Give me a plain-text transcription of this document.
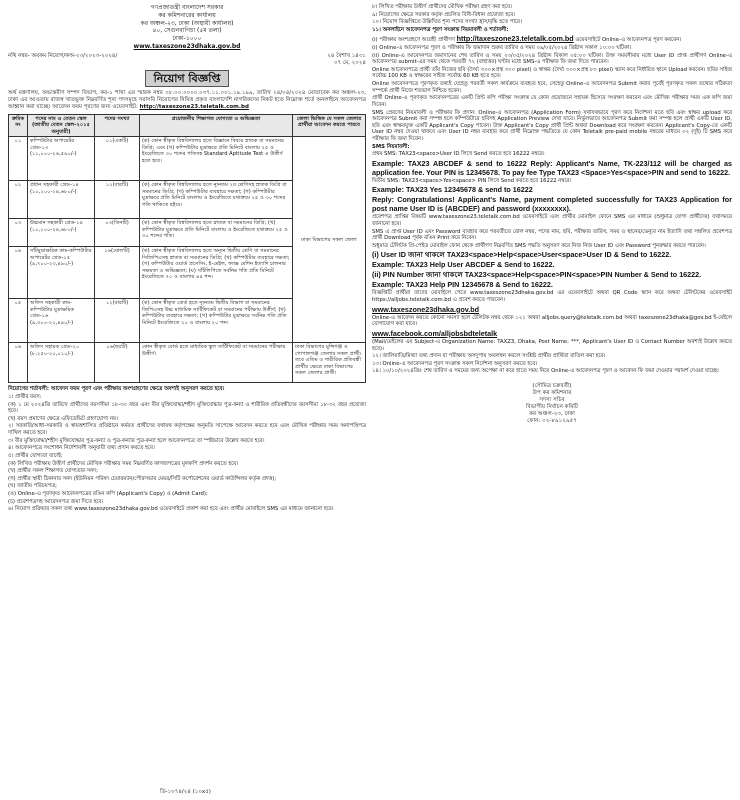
গণপ্রজাতন্ত্রী বাংলাদেশ সরকার
কর কমিশনারের কার্যালয়
কর অঞ্চল-২৩, ঢাকা (অস্থায়ী কার্যালয়)
৪০, সেগুনবাগিচা (৫ম তলা)
ঢাকা-১০০০
www.taxeszone23dhaka.gov.bd
নথি নম্বর- অবকম নিয়োগ/কঅ-২৩/২০২৩-২০২৪/	২৪ বৈশাখ ১৪৩১
০৭ মে, ২০২৪
নিয়োগ বিজ্ঞপ্তি
অর্থ মন্ত্রণালয়, অভ্যন্তরীণ সম্পদ বিভাগ, কর-১ শাখা এর স্মারক নম্বর ০৮.০০.০০০০.০৩৭.১১.০০১.১৯.১৯৯, তারিখ ২৪/০৪/২০২৪ মোতাবেক কর অঞ্চল-২৩, ঢাকা এর আওতায় রাজস্ব খাতভুক্ত নিম্নবর্ণিত শূন্য পদসমূহে সরাসরি নিয়োগের নিমিত্ত প্রকৃত বাংলাদেশি নাগরিকদের নিকট হতে নিম্নোক্ত শর্তে অনলাইনে আবেদনপত্র আহ্বান করা যাচ্ছে। আবেদন ফরম পূরণের জন্য ওয়েবসাইট: http://taxeszone23.teletalk.com.bd
ক্রমিক নং	পদের নাম ও বেতন স্কেল (জাতীয় বেতন স্কেল-২০১৫ অনুযায়ী)	পদের সংখ্যা	প্রয়োজনীয় শিক্ষাগত যোগ্যতা ও অভিজ্ঞতা	জেলা ভিত্তিক যে সকল জেলার প্রার্থীরা আবেদন করতে পারবে
০১	কম্পিউটার অপারেটর গ্রেড-১৩ (১১,০০০-২৬,৫৯০/-)	০১(একটি)	(ক) কোন স্বীকৃত বিশ্ববিদ্যালয় হতে বিজ্ঞানে বিষয়ে স্নাতক বা সমমানের ডিগ্রি; এবং (খ) কম্পিউটার মুদ্রাক্ষরে প্রতি মিনিটে বাংলায় ২৫ ও ইংরেজিতে ৩০ শব্দের গতিসহ Standard Aptitude Test এ উত্তীর্ণ হতে হবে।	ঢাকা বিভাগের সকল জেলা
০২	প্রধান সহকারী গ্রেড-১৪ (১০,২০০-২৪,৬৮০/-)	১২(বারটি)	(ক) কোন স্বীকৃত বিশ্ববিদ্যালয় হতে ন্যূনতম ২য় শ্রেণিসহ স্নাতক ডিগ্রি বা সমমানের ডিগ্রি; (খ) কম্পিউটার ব্যবহারে দক্ষতা; (গ) কম্পিউটার মুদ্রাক্ষরে প্রতি মিনিটে বাংলায় ও ইংরেজিতে যথাক্রমে ২৫ ও ৩০ শব্দের গতি থাকিতে হইবে।	
০৩	উচ্চমান সহকারী গ্রেড-১৪ (১০,২০০-২৪,৬৮০/-)	০৩(তিনটি)	(ক) কোন স্বীকৃত বিশ্ববিদ্যালয় হতে স্নাতক বা সমমানের ডিগ্রি; (খ) কম্পিউটার মুদ্রাক্ষরে প্রতি মিনিটে বাংলায় ও ইংরেজিতে যথাক্রমে ২৫ ও ৩০ শব্দের গতি।	
০৪	সাঁটমুদ্রাক্ষরিক কাম-কম্পিউটার অপারেটর গ্রেড-১৫ (৯,৭০০-২৩,৪৯০/-)	১৬(ষোলটি)	(ক) কোন স্বীকৃত বিশ্ববিদ্যালয় হতে অন্যূন দ্বিতীয় শ্রেণি বা সমমানের সিজিপিএসহ স্নাতক বা সমমানের ডিগ্রি; (খ) কম্পিউটার ব্যবহারে দক্ষতা; (গ) কম্পিউটার ওয়ার্ড প্রসেসিং, ই-মেইল, ফ্যাক্স মেশিন ইত্যাদি চালনার সক্ষমতা ও অভিজ্ঞতা; (ঘ) সাঁটলিপিতে সর্বনিম্ন গতি প্রতি মিনিটে ইংরেজিতে ৭০ ও বাংলায় ৪৫ শব্দ।	
০৫	অফিস সহকারী কাম-কম্পিউটার মুদ্রাক্ষরিক গ্রেড-১৬ (৯,৩০০-২২,৪৯০/-)	১২(বারটি)	(ক) কোন স্বীকৃত বোর্ড হতে ন্যূনতম দ্বিতীয় বিভাগ বা সমমানের জিপিএসহ উচ্চ মাধ্যমিক সার্টিফিকেট বা সমমানের পরীক্ষায় উত্তীর্ণ; (খ) কম্পিউটার ব্যবহারে দক্ষতা; (গ) কম্পিউটার মুদ্রাক্ষরে সর্বনিম্ন গতি প্রতি মিনিটে ইংরেজিতে ২০ ও বাংলায় ২০ শব্দ।	
০৬	অফিস সহায়ক গ্রেড-২০ (৮,২৫০-২০,০১০/-)	০৬(ছয়টি)	কোন স্বীকৃত বোর্ড হতে মাধ্যমিক স্কুল সার্টিফিকেট বা সমমানের পরীক্ষায় উত্তীর্ণ।	ঢাকা বিভাগের মুন্সিগঞ্জ ও গোপালগঞ্জ জেলার সকল প্রার্থী। তবে এতিম ও শারীরিক প্রতিবন্ধী প্রার্থীর ক্ষেত্রে ঢাকা বিভাগের সকল জেলার প্রার্থী।

নিয়োগের শর্তাবলী: আবেদন ফরম পূরণ এবং পরীক্ষায় অংশগ্রহণের ক্ষেত্রে অবশ্যই অনুসরণ করতে হবে।

১। প্রার্থীর বয়স:

(ক) ১ মে ২০২৪খ্রি তারিখে প্রার্থীদের বয়সসীমা ১৮-৩০ বছর এবং বীর মুক্তিযোদ্ধা/শহীদ মুক্তিযোদ্ধার পুত্র-কন্যা ও শারীরিক প্রতিবন্ধীদের বয়সসীমা ১৮-৩২ বছর প্রযোজ্য হবে।

(খ) বয়স প্রমাণের ক্ষেত্রে এফিডেভিট গ্রহণযোগ্য নয়।

২। সরকারি/আধা-সরকারি ও স্বায়ত্তশাসিত প্রতিষ্ঠানে কর্মরত প্রার্থীদের যথাযথ কর্তৃপক্ষের অনুমতি সাপেক্ষে আবেদন করতে হবে এবং মৌখিক পরীক্ষার সময় অনাপত্তিপত্র দাখিল করতে হবে।

৩। বীর মুক্তিযোদ্ধা/শহীদ মুক্তিযোদ্ধার পুত্র-কন্যা ও পুত্র-কন্যার পুত্র-কন্যা হলে আবেদনপত্রে তা স্পষ্টভাবে উল্লেখ করতে হবে।

৪। আবেদনপত্রে সংশোধন নির্দেশাবলী অনুযায়ী তথ্য প্রদান করতে হবে।

৫। প্রার্থীর যোগ্যতা যাচাই:

(ক) লিখিত পরীক্ষায় উত্তীর্ণ প্রার্থীদের মৌখিক পরীক্ষার সময় নিম্নবর্ণিত কাগজপত্রের মূলকপি প্রদর্শন করতে হবে।

(খ) প্রার্থীর সকল শিক্ষাগত যোগ্যতার সনদ;

(গ) প্রার্থীর স্থায়ী ঠিকানার সনদ (ইউনিয়ন পরিষদ চেয়ারম্যান/পৌরসভার মেয়র/সিটি কর্পোরেশনের ওয়ার্ড কাউন্সিলর কর্তৃক প্রদত্ত);

(ঘ) জাতীয় পরিচয়পত্র;

(ঙ) Online-এ পূরণকৃত আবেদনপত্রের রঙিন কপি (Applicant's Copy) ও (Admit Card);

(চ) প্রবেশপত্রসহ আবেদনপত্র জমা দিতে হবে।

৬। নিয়োগ প্রক্রিয়ার সকল তথ্য www.taxeszone23dhaka.gov.bd ওয়েবসাইটে প্রকাশ করা হবে এবং প্রার্থীর মোবাইলে SMS এর মাধ্যমে জানানো হবে।

৮। লিখিত পরীক্ষায় উত্তীর্ণ প্রার্থীদের মৌখিক পরীক্ষা গ্রহণ করা হবে।

৯। নিয়োগের ক্ষেত্রে সরকার কর্তৃক প্রচলিত বিধি-বিধান প্রযোজ্য হবে।

১০। নিয়োগ বিজ্ঞপ্তিতে উল্লিখিত শূন্য পদের সংখ্যা হ্রাস/বৃদ্ধি হতে পারে।

১১। অনলাইনে আবেদনপত্র পূরণ সংক্রান্ত নিয়মাবলী ও শর্তাবলী:

(i) পরীক্ষায় অংশগ্রহণে আগ্রহী প্রার্থীগণ http://taxeszone23.teletalk.com.bd ওয়েবসাইটে Online-এ আবেদনপত্র পূরণ করবেন।

(i) Online-এ আবেদনপত্র পূরণ ও পরীক্ষার ফি জমাদান শুরুর তারিখ ও সময় ০৯/০৫/২০২৪ খ্রিষ্টাব্দ সকাল ১০:০০ ঘটিকা।

(ii) Online-এ আবেদনপত্র জমাদানের শেষ তারিখ ও সময় ২৩/০৫/২০২৪ খ্রিষ্টাব্দ বিকাল ০৫:০০ ঘটিকা। উক্ত সময়সীমার মধ্যে User ID প্রাপ্ত প্রার্থীগণ Online-এ আবেদনপত্র submit-এর সময় থেকে পরবর্তী ৭২ (বাহাত্তর) ঘণ্টার মধ্যে SMS-এ পরীক্ষার ফি জমা দিতে পারবেন।

Online আবেদনপত্রে প্রার্থী তাঁর নিজের ছবি (দৈর্ঘ্য ৩০০×প্রস্থ ৩০০ pixel) ও স্বাক্ষর (দৈর্ঘ্য ৩০০×প্রস্থ ৮০ pixel) স্ক্যান করে নির্ধারিত স্থানে Upload করবেন। ছবির সাইজ সর্বোচ্চ 100 KB ও স্বাক্ষরের সাইজ সর্বোচ্চ 60 KB হতে হবে।

Online আবেদনপত্রে পূরণকৃত তথ্যই যেহেতু পরবর্তী সকল কার্যক্রমে ব্যবহৃত হবে, সেহেতু Online-এ আবেদনপত্র Submit করার পূর্বেই পূরণকৃত সকল তথ্যের সঠিকতা সম্পর্কে প্রার্থী নিজে শতভাগ নিশ্চিত হবেন।

প্রার্থী Online-এ পূরণকৃত আবেদনপত্রের একটি প্রিন্ট কপি পরীক্ষা সংক্রান্ত যে কোন প্রয়োজনে সহায়ক হিসেবে সংরক্ষণ করবেন এবং মৌখিক পরীক্ষার সময় এক কপি জমা দিবেন।

SMS প্রেরণের নিয়মাবলী ও পরীক্ষার ফি প্রদান: Online-এ আবেদনপত্র (Application Form) যথাযথভাবে পূরণ করে নির্দেশনা মতে ছবি এবং স্বাক্ষর upload করে আবেদনপত্র Submit করা সম্পন্ন হলে কম্পিউটারে ছবিসহ Application Preview দেখা যাবে। নির্ভুলভাবে আবেদনপত্র Submit করা সম্পন্ন হলে প্রার্থী একটি User ID, ছবি এবং স্বাক্ষরযুক্ত একটি Applicant's Copy পাবেন। উক্ত Applicant's Copy প্রার্থী প্রিন্ট অথবা Download করে সংরক্ষণ করবেন। Applicant's Copy-তে একটি User ID নম্বর দেওয়া থাকবে এবং User ID নম্বর ব্যবহার করে প্রার্থী নিম্নোক্ত পদ্ধতিতে যে কোন Teletalk pre-paid mobile নম্বরের মাধ্যমে ০২ (দুই) টি SMS করে পরীক্ষার ফি জমা দিবেন।

SMS নিয়মাবলী:

প্রথম SMS: TAX23<space>User ID লিখে Send করতে হবে 16222 নম্বরে।

Example: TAX23 ABCDEF & send to 16222 Reply: Applicant's Name, TK-223/112 will be charged as application fee. Your PIN is 12345678. To pay fee Type TAX23 <Space>Yes<space>PIN and send to 16222.

দ্বিতীয় SMS: TAX23<space>Yes<space> PIN লিখে Send করতে হবে 16222 নম্বরে।

Example: TAX23 Yes 12345678 & send to 16222

Reply: Congratulations! Applicant's Name, payment completed successfully for TAX23 Application for post name User ID is (ABCDEF) and password (xxxxxxxx).

প্রবেশপত্র প্রাপ্তির বিষয়টি www.taxeszone23.teletalk.com.bd ওয়েবসাইটে এবং প্রার্থীর মোবাইল ফোনে SMS এর মাধ্যমে (শুধুমাত্র যোগ্য প্রার্থীদের) যথাসময়ে জানানো হবে।

SMS এ প্রাপ্ত User ID এবং Password ব্যবহার করে পরবর্তীতে রোল নম্বর, পদের নাম, ছবি, পরীক্ষার তারিখ, সময় ও স্থানের/ভেন্যুর নাম ইত্যাদি তথ্য সম্বলিত প্রবেশপত্র প্রার্থী Download পূর্বক রঙিন Print করে নিবেন।

শুধুমাত্র টেলিটক প্রি-পেইড মোবাইল ফোন থেকে প্রার্থীগণ নিম্নবর্ণিত SMS পদ্ধতি অনুসরণ করে নিজ নিজ User ID এবং Password পুনরুদ্ধার করতে পারবেন।

(i) User ID জানা থাকলে TAX23<space>Help<space>User<space>User ID & Send to 16222.

Example: TAX23 Help User ABCDEF & Send to 16222.

(ii) PIN Number জানা থাকলে TAX23<space>Help<space>PIN<space>PIN Number & Send to 16222.

Example: TAX23 Help PIN 12345678 & Send to 16222.

বিজ্ঞপ্তিটি প্রার্থীরা তাদের মোবাইলে পেতে www.taxeszone23dhaka.gov.bd এর ওয়েবসাইটে অথবা QR Code স্ক্যান করে অথবা টেলিটকের ওয়েবসাইট https://alljobs.teletalk.com.bd এ প্রবেশ করতে পারবেন।

www.taxeszone23dhaka.gov.bd

Online-এ আবেদন করতে কোনো সমস্যা হলে টেলিটক নম্বর থেকে ১২১ অথবা alljobs.query@teletalk.com.bd অথবা taxeszone23dhaka@gov.bd ই-মেইলে যোগাযোগ করা যাবে।

www.facebook.com/alljobsbdteletalk

(Mail/মেইলের এর Subject-এ Organization Name: TAXZ3, Dhaka, Post Name: ***, Applicant's User ID ও Contact Number অবশ্যই উল্লেখ করতে হবে)।

১২। জালিয়াতি/মিথ্যা তথ্য প্রদান বা পরীক্ষায় অসদুপায় অবলম্বন করলে সংশ্লিষ্ট প্রার্থীর প্রার্থিতা বাতিল করা হবে।

১৩। Online-এ আবেদনপত্র পূরণ সংক্রান্ত সকল নির্দেশনা অনুসরণ করতে হবে।

১৪। ১০/১০/২০২৪খ্রিঃ শেষ তারিখ ও সময়ের জন্য অপেক্ষা না করে হাতে সময় নিয়ে Online-এ আবেদনপত্র পূরণ ও আবেদন ফি জমা দেওয়ার পরামর্শ দেওয়া যাচ্ছে।

(সৌমিত্র চক্রবর্তী)
উপ কর কমিশনার
সদস্য সচিব
বিভাগীয় নির্বাচন কমিটি
কর অঞ্চল-২৩, ঢাকা
ফোন: ০২-৮৯১২৯৫৭
ডি-১০৭৪/২৪ (১০x৫)
